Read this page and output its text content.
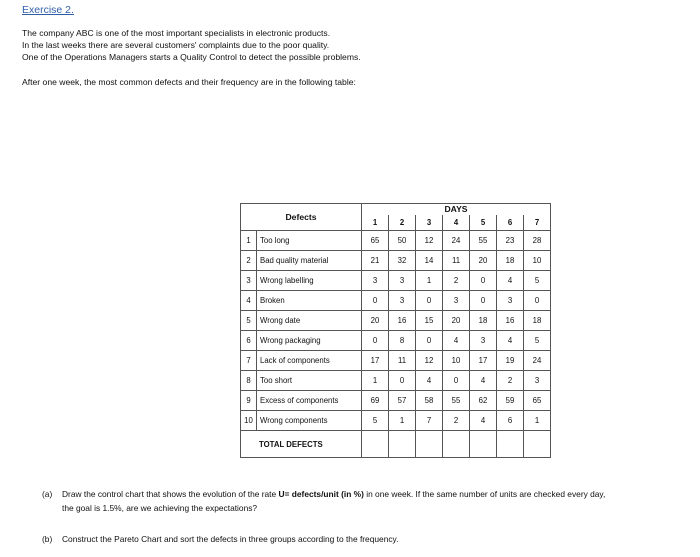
Exercise 2.
The company ABC is one of the most important specialists in electronic products.
In the last weeks there are several customers' complaints due to the poor quality.
One of the Operations Managers starts a Quality Control to detect the possible problems.
After one week, the most common defects and their frequency are in the following table:
Defects		DAYS						
		1	2	3	4	5	6	7
1	Too long	65	50	12	24	55	23	28
2	Bad quality material	21	32	14	11	20	18	10
3	Wrong labelling	3	3	1	2	0	4	5
4	Broken	0	3	0	3	0	3	0
5	Wrong date	20	16	15	20	18	16	18
6	Wrong packaging	0	8	0	4	3	4	5
7	Lack of components	17	11	12	10	17	19	24
8	Too short	1	0	4	0	4	2	3
9	Excess of components	69	57	58	55	62	59	65
10	Wrong components	5	1	7	2	4	6	1
TOTAL DEFECTS								
(a) Draw the control chart that shows the evolution of the rate U= defects/unit (in %) in one week. If the same number of units are checked every day,
the goal is 1.5%, are we achieving the expectations?
(b) Construct the Pareto Chart and sort the defects in three groups according to the frequency.
